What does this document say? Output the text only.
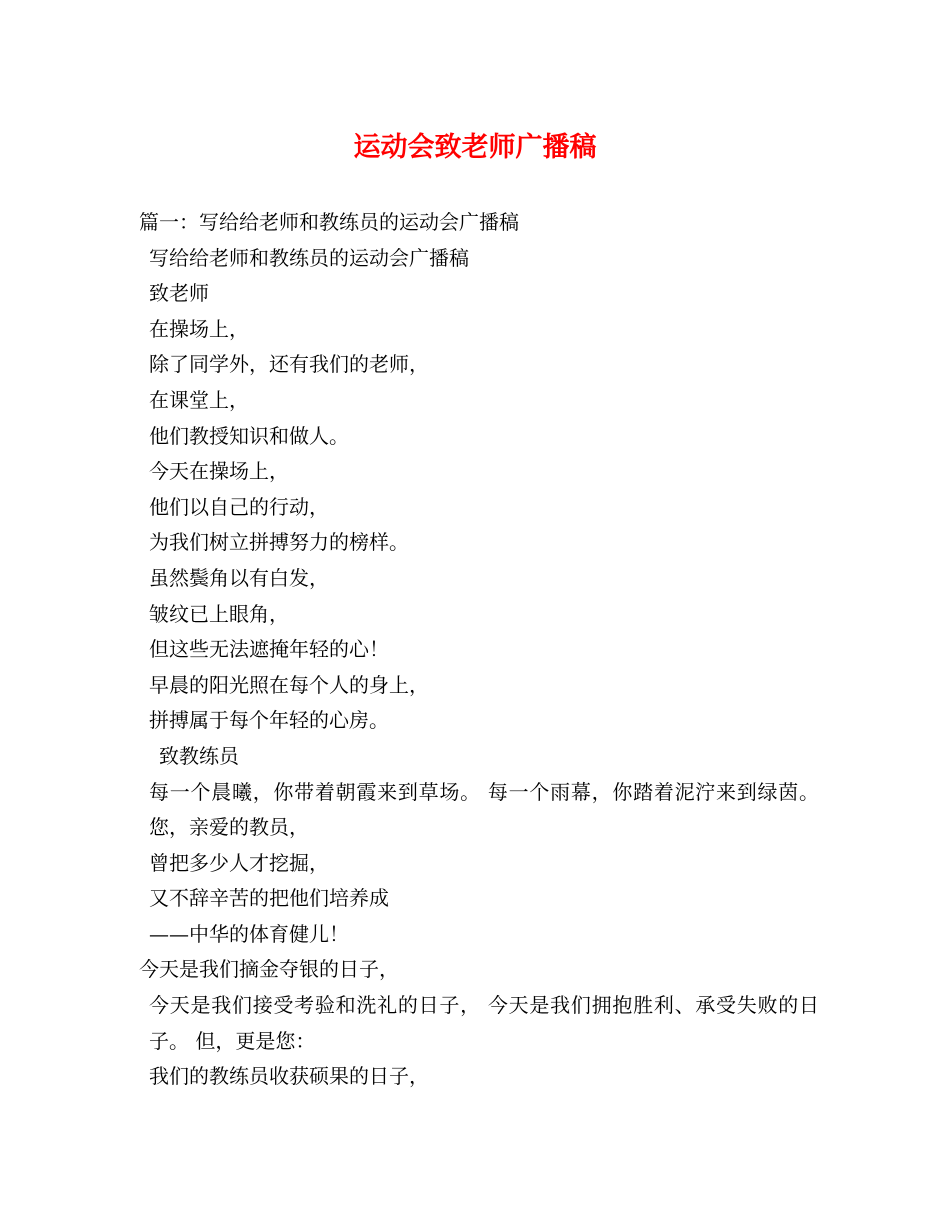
运动会致老师广播稿
篇一：写给给老师和教练员的运动会广播稿
写给给老师和教练员的运动会广播稿
致老师
在操场上，
除了同学外，还有我们的老师，
在课堂上，
他们教授知识和做人。
今天在操场上，
他们以自己的行动，
为我们树立拼搏努力的榜样。
虽然鬓角以有白发，
皱纹已上眼角，
但这些无法遮掩年轻的心！
早晨的阳光照在每个人的身上，
拼搏属于每个年轻的心房。
致教练员
每一个晨曦，你带着朝霞来到草场。 每一个雨幕，你踏着泥泞来到绿茵。 您，亲爱的教员，
曾把多少人才挖掘，
又不辞辛苦的把他们培养成
——中华的体育健儿！
今天是我们摘金夺银的日子，
今天是我们接受考验和洗礼的日子， 今天是我们拥抱胜利、承受失败的日子。 但，更是您：
我们的教练员收获硕果的日子，
